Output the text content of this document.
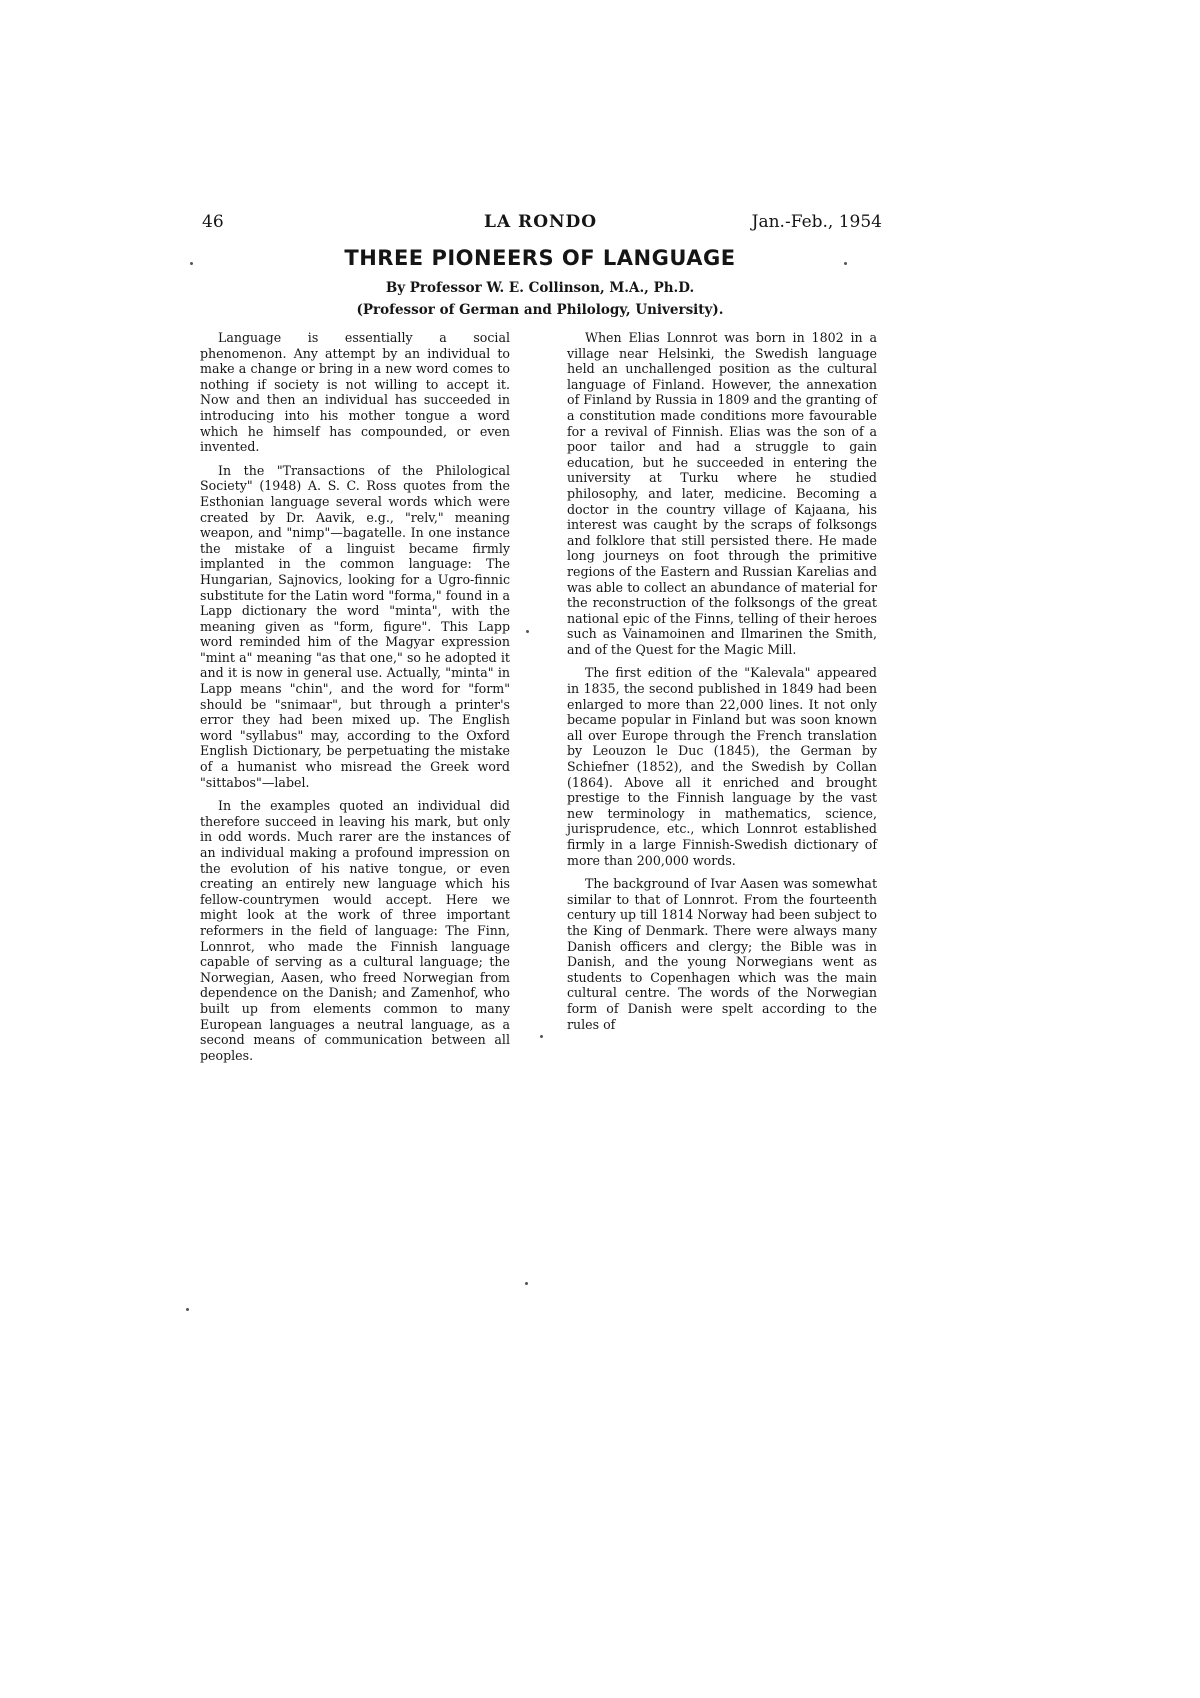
46	LA RONDO	Jan.-Feb., 1954
THREE PIONEERS OF LANGUAGE
By Professor W. E. Collinson, M.A., Ph.D.
(Professor of German and Philology, University).

Language is essentially a social phenomenon. Any attempt by an individual to make a change or bring in a new word comes to nothing if society is not willing to accept it. Now and then an individual has succeeded in introducing into his mother tongue a word which he himself has compounded, or even invented.

In the "Transactions of the Philological Society" (1948) A. S. C. Ross quotes from the Esthonian language several words which were created by Dr. Aavik, e.g., "relv," meaning weapon, and "nimp"—bagatelle. In one instance the mistake of a linguist became firmly implanted in the common language: The Hungarian, Sajnovics, looking for a Ugro-finnic substitute for the Latin word "forma," found in a Lapp dictionary the word "minta", with the meaning given as "form, figure". This Lapp word reminded him of the Magyar expression "mint a" meaning "as that one," so he adopted it and it is now in general use. Actually, "minta" in Lapp means "chin", and the word for "form" should be "snimaar", but through a printer's error they had been mixed up. The English word "syllabus" may, according to the Oxford English Dictionary, be perpetuating the mistake of a humanist who misread the Greek word "sittabos"—label.

In the examples quoted an individual did therefore succeed in leaving his mark, but only in odd words. Much rarer are the instances of an individual making a profound impression on the evolution of his native tongue, or even creating an entirely new language which his fellow-countrymen would accept. Here we might look at the work of three important reformers in the field of language: The Finn, Lonnrot, who made the Finnish language capable of serving as a cultural language; the Norwegian, Aasen, who freed Norwegian from dependence on the Danish; and Zamenhof, who built up from elements common to many European languages a neutral language, as a second means of communication between all peoples.

When Elias Lonnrot was born in 1802 in a village near Helsinki, the Swedish language held an unchallenged position as the cultural language of Finland. However, the annexation of Finland by Russia in 1809 and the granting of a constitution made conditions more favourable for a revival of Finnish. Elias was the son of a poor tailor and had a struggle to gain education, but he succeeded in entering the university at Turku where he studied philosophy, and later, medicine. Becoming a doctor in the country village of Kajaana, his interest was caught by the scraps of folksongs and folklore that still persisted there. He made long journeys on foot through the primitive regions of the Eastern and Russian Karelias and was able to collect an abundance of material for the reconstruction of the folksongs of the great national epic of the Finns, telling of their heroes such as Vainamoinen and Ilmarinen the Smith, and of the Quest for the Magic Mill.

The first edition of the "Kalevala" appeared in 1835, the second published in 1849 had been enlarged to more than 22,000 lines. It not only became popular in Finland but was soon known all over Europe through the French translation by Leouzon le Duc (1845), the German by Schiefner (1852), and the Swedish by Collan (1864). Above all it enriched and brought prestige to the Finnish language by the vast new terminology in mathematics, science, jurisprudence, etc., which Lonnrot established firmly in a large Finnish-Swedish dictionary of more than 200,000 words.

The background of Ivar Aasen was somewhat similar to that of Lonnrot. From the fourteenth century up till 1814 Norway had been subject to the King of Denmark. There were always many Danish officers and clergy; the Bible was in Danish, and the young Norwegians went as students to Copenhagen which was the main cultural centre. The words of the Norwegian form of Danish were spelt according to the rules of
